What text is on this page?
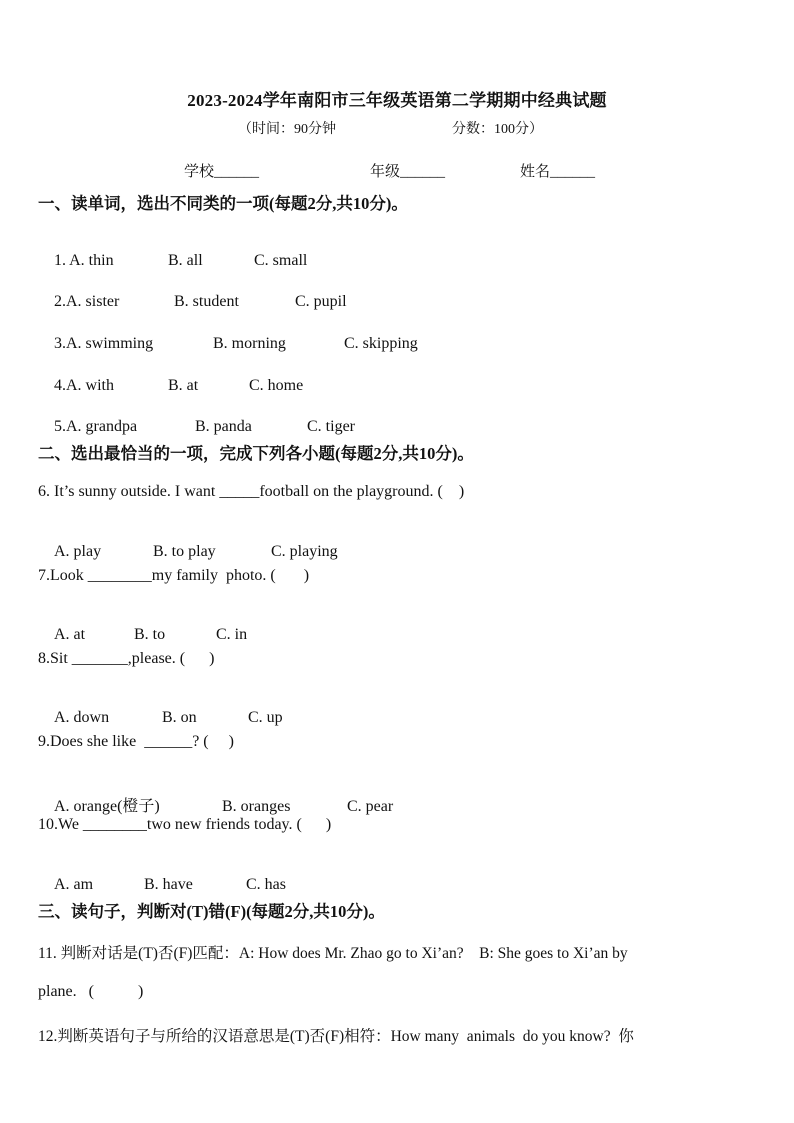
2023-2024学年南阳市三年级英语第二学期期中经典试题
（时间：90分钟	分数：100分）
学校______	年级______	姓名______
一、读单词，选出不同类的一项(每题2分,共10分)。

1. A. thin	B. all	C. small

2.A. sister	B. student	C. pupil

3.A. swimming	B. morning	C. skipping

4.A. with	B. at	C. home

5.A. grandpa	B. panda	C. tiger

二、选出最恰当的一项，完成下列各小题(每题2分,共10分)。
6. It’s sunny outside. I want _____football on the playground. (    )

A. play	B. to play	C. playing

7.Look ________my family  photo. (       )

A. at	B. to	C. in

8.Sit _______,please. (      )

A. down	B. on	C. up

9.Does she like  ______? (     )

A. orange(橙子)	B. oranges	C. pear

10.We ________two new friends today. (      )

A. am	B. have	C. has

三、读句子，判断对(T)错(F)(每题2分,共10分)。
11. 判断对话是(T)否(F)匹配：A: How does Mr. Zhao go to Xi’an?    B: She goes to Xi’an by
plane.   (           )
12.判断英语句子与所给的汉语意思是(T)否(F)相符：How many  animals  do you know?  你
